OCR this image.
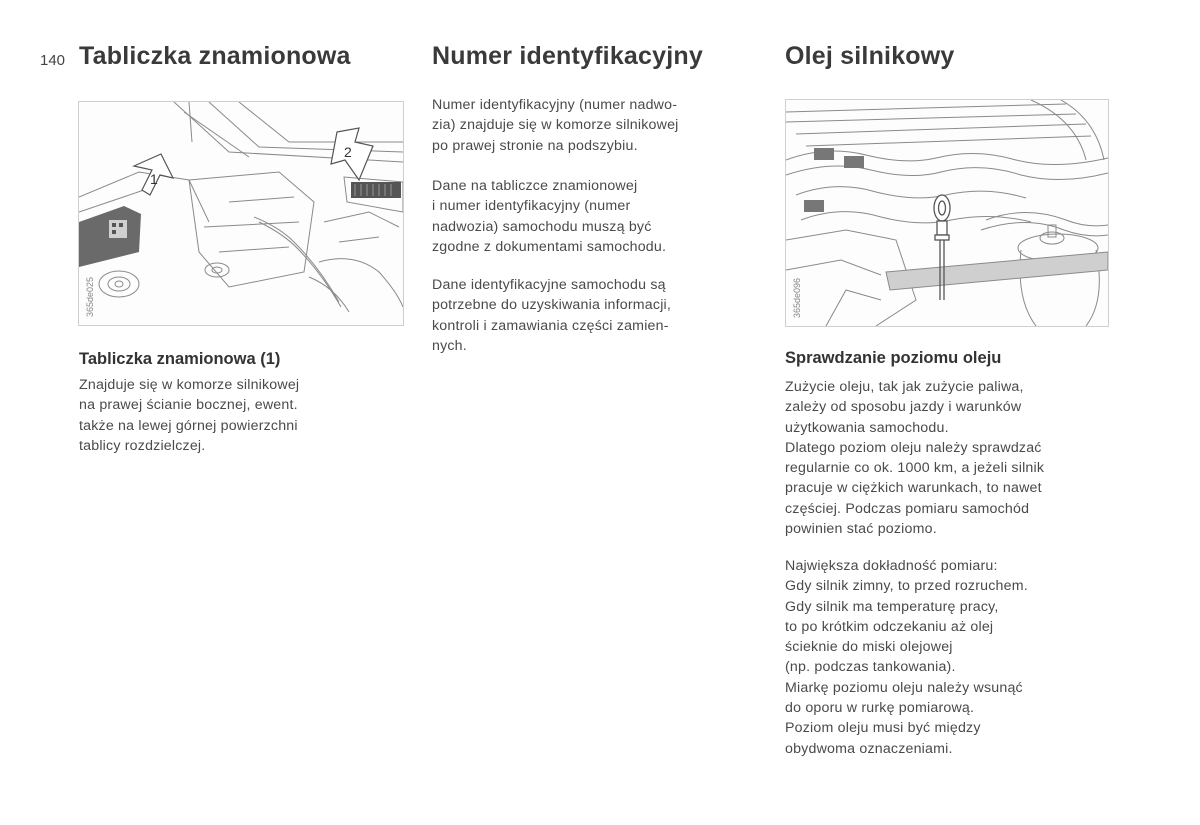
140 Tabliczka znamionowa	Numer identyfikacyjny	Olej silnikowy
1
2
365de025
Tabliczka znamionowa (1)

Znajduje się w komorze silnikowej
na prawej ścianie bocznej, ewent.
także na lewej górnej powierzchni
tablicy rozdzielczej.

Numer identyfikacyjny (numer nadwo-
zia) znajduje się w komorze silnikowej
po prawej stronie na podszybiu.

Dane na tabliczce znamionowej
i numer identyfikacyjny (numer
nadwozia) samochodu muszą być
zgodne z dokumentami samochodu.

Dane identyfikacyjne samochodu są
potrzebne do uzyskiwania informacji,
kontroli i zamawiania części zamien-
nych.

365de096
Sprawdzanie poziomu oleju

Zużycie oleju, tak jak zużycie paliwa,
zależy od sposobu jazdy i warunków
użytkowania samochodu.
Dlatego poziom oleju należy sprawdzać
regularnie co ok. 1000 km, a jeżeli silnik
pracuje w ciężkich warunkach, to nawet
częściej. Podczas pomiaru samochód
powinien stać poziomo.

Największa dokładność pomiaru:
Gdy silnik zimny, to przed rozruchem.
Gdy silnik ma temperaturę pracy,
to po krótkim odczekaniu aż olej
ścieknie do miski olejowej
(np. podczas tankowania).
Miarkę poziomu oleju należy wsunąć
do oporu w rurkę pomiarową.
Poziom oleju musi być między
obydwoma oznaczeniami.
